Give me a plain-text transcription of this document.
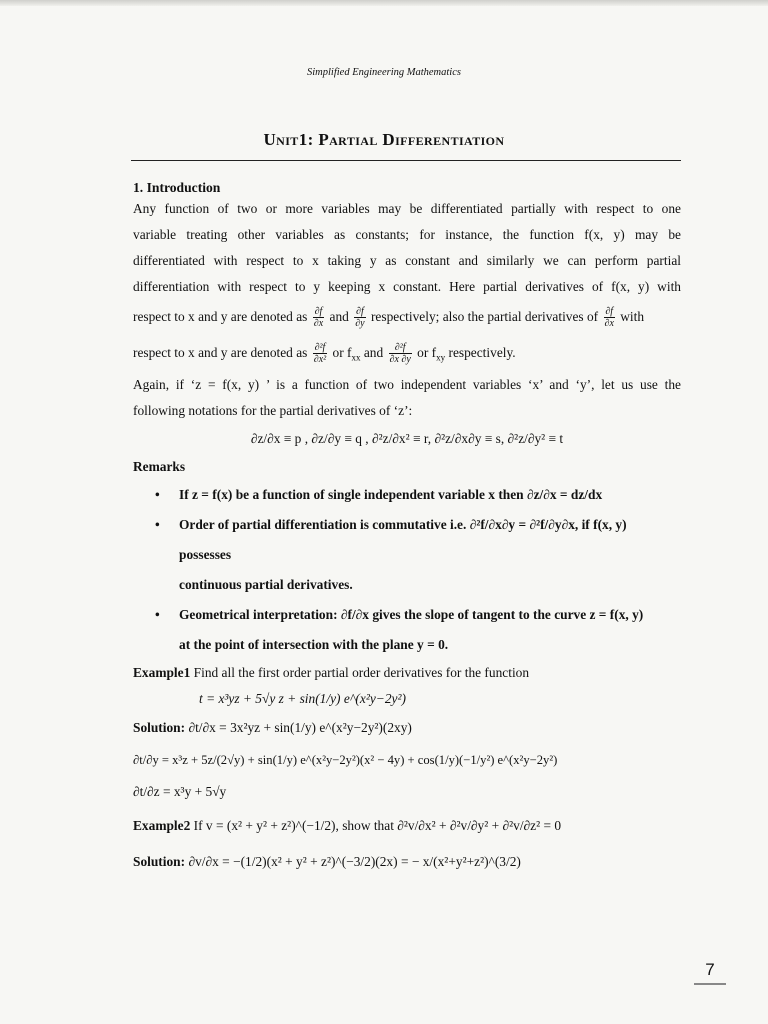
Simplified Engineering Mathematics
Unit1: Partial Differentiation

1. Introduction

Any function of two or more variables may be differentiated partially with respect to one

variable treating other variables as constants; for instance, the function f(x, y) may be

differentiated with respect to x taking y as constant and similarly we can perform partial

differentiation with respect to y keeping x constant. Here partial derivatives of f(x, y) with

respect to x and y are denoted as $\frac{\partial f}{\partial x}$ and $\frac{\partial f}{\partial y}$ respectively; also the partial derivatives of $\frac{\partial f}{\partial x}$ with

respect to x and y are denoted as $\frac{\text{∂²f}}{\text{∂x²}}$ or $f_{xx}$ and $\frac{\text{∂²f}}{\partial x \partial y}$ or $f_{xy}$ respectively.

Again, if ‘z = f(x, y) ’ is a function of two independent variables ‘x’ and ‘y’, let us use the

following notations for the partial derivatives of ‘z’:

∂z/∂x ≡ p , ∂z/∂y ≡ q , ∂²z/∂x² ≡ r, ∂²z/∂x∂y ≡ s, ∂²z/∂y² ≡ t

Remarks

• If z = f(x) be a function of single independent variable x then ∂z/∂x = dz/dx
• Order of partial differentiation is commutative i.e. ∂²f/∂x∂y = ∂²f/∂y∂x, if f(x, y) possesses
continuous partial derivatives.
• Geometrical interpretation: ∂f/∂x gives the slope of tangent to the curve z = f(x, y)
at the point of intersection with the plane y = 0.

Example1 Find all the first order partial order derivatives for the function

t = x³yz + 5√y z + sin(1/y) e^(x²y−2y²)

Solution: ∂t/∂x = 3x²yz + sin(1/y) e^(x²y−2y²)(2xy)

∂t/∂y = x³z + 5z/(2√y) + sin(1/y) e^(x²y−2y²)(x² − 4y) + cos(1/y)(−1/y²) e^(x²y−2y²)

∂t/∂z = x³y + 5√y

Example2 If v = (x² + y² + z²)^(−1/2), show that ∂²v/∂x² + ∂²v/∂y² + ∂²v/∂z² = 0

Solution: ∂v/∂x = −(1/2)(x² + y² + z²)^(−3/2)(2x) = − x/(x²+y²+z²)^(3/2)

7
